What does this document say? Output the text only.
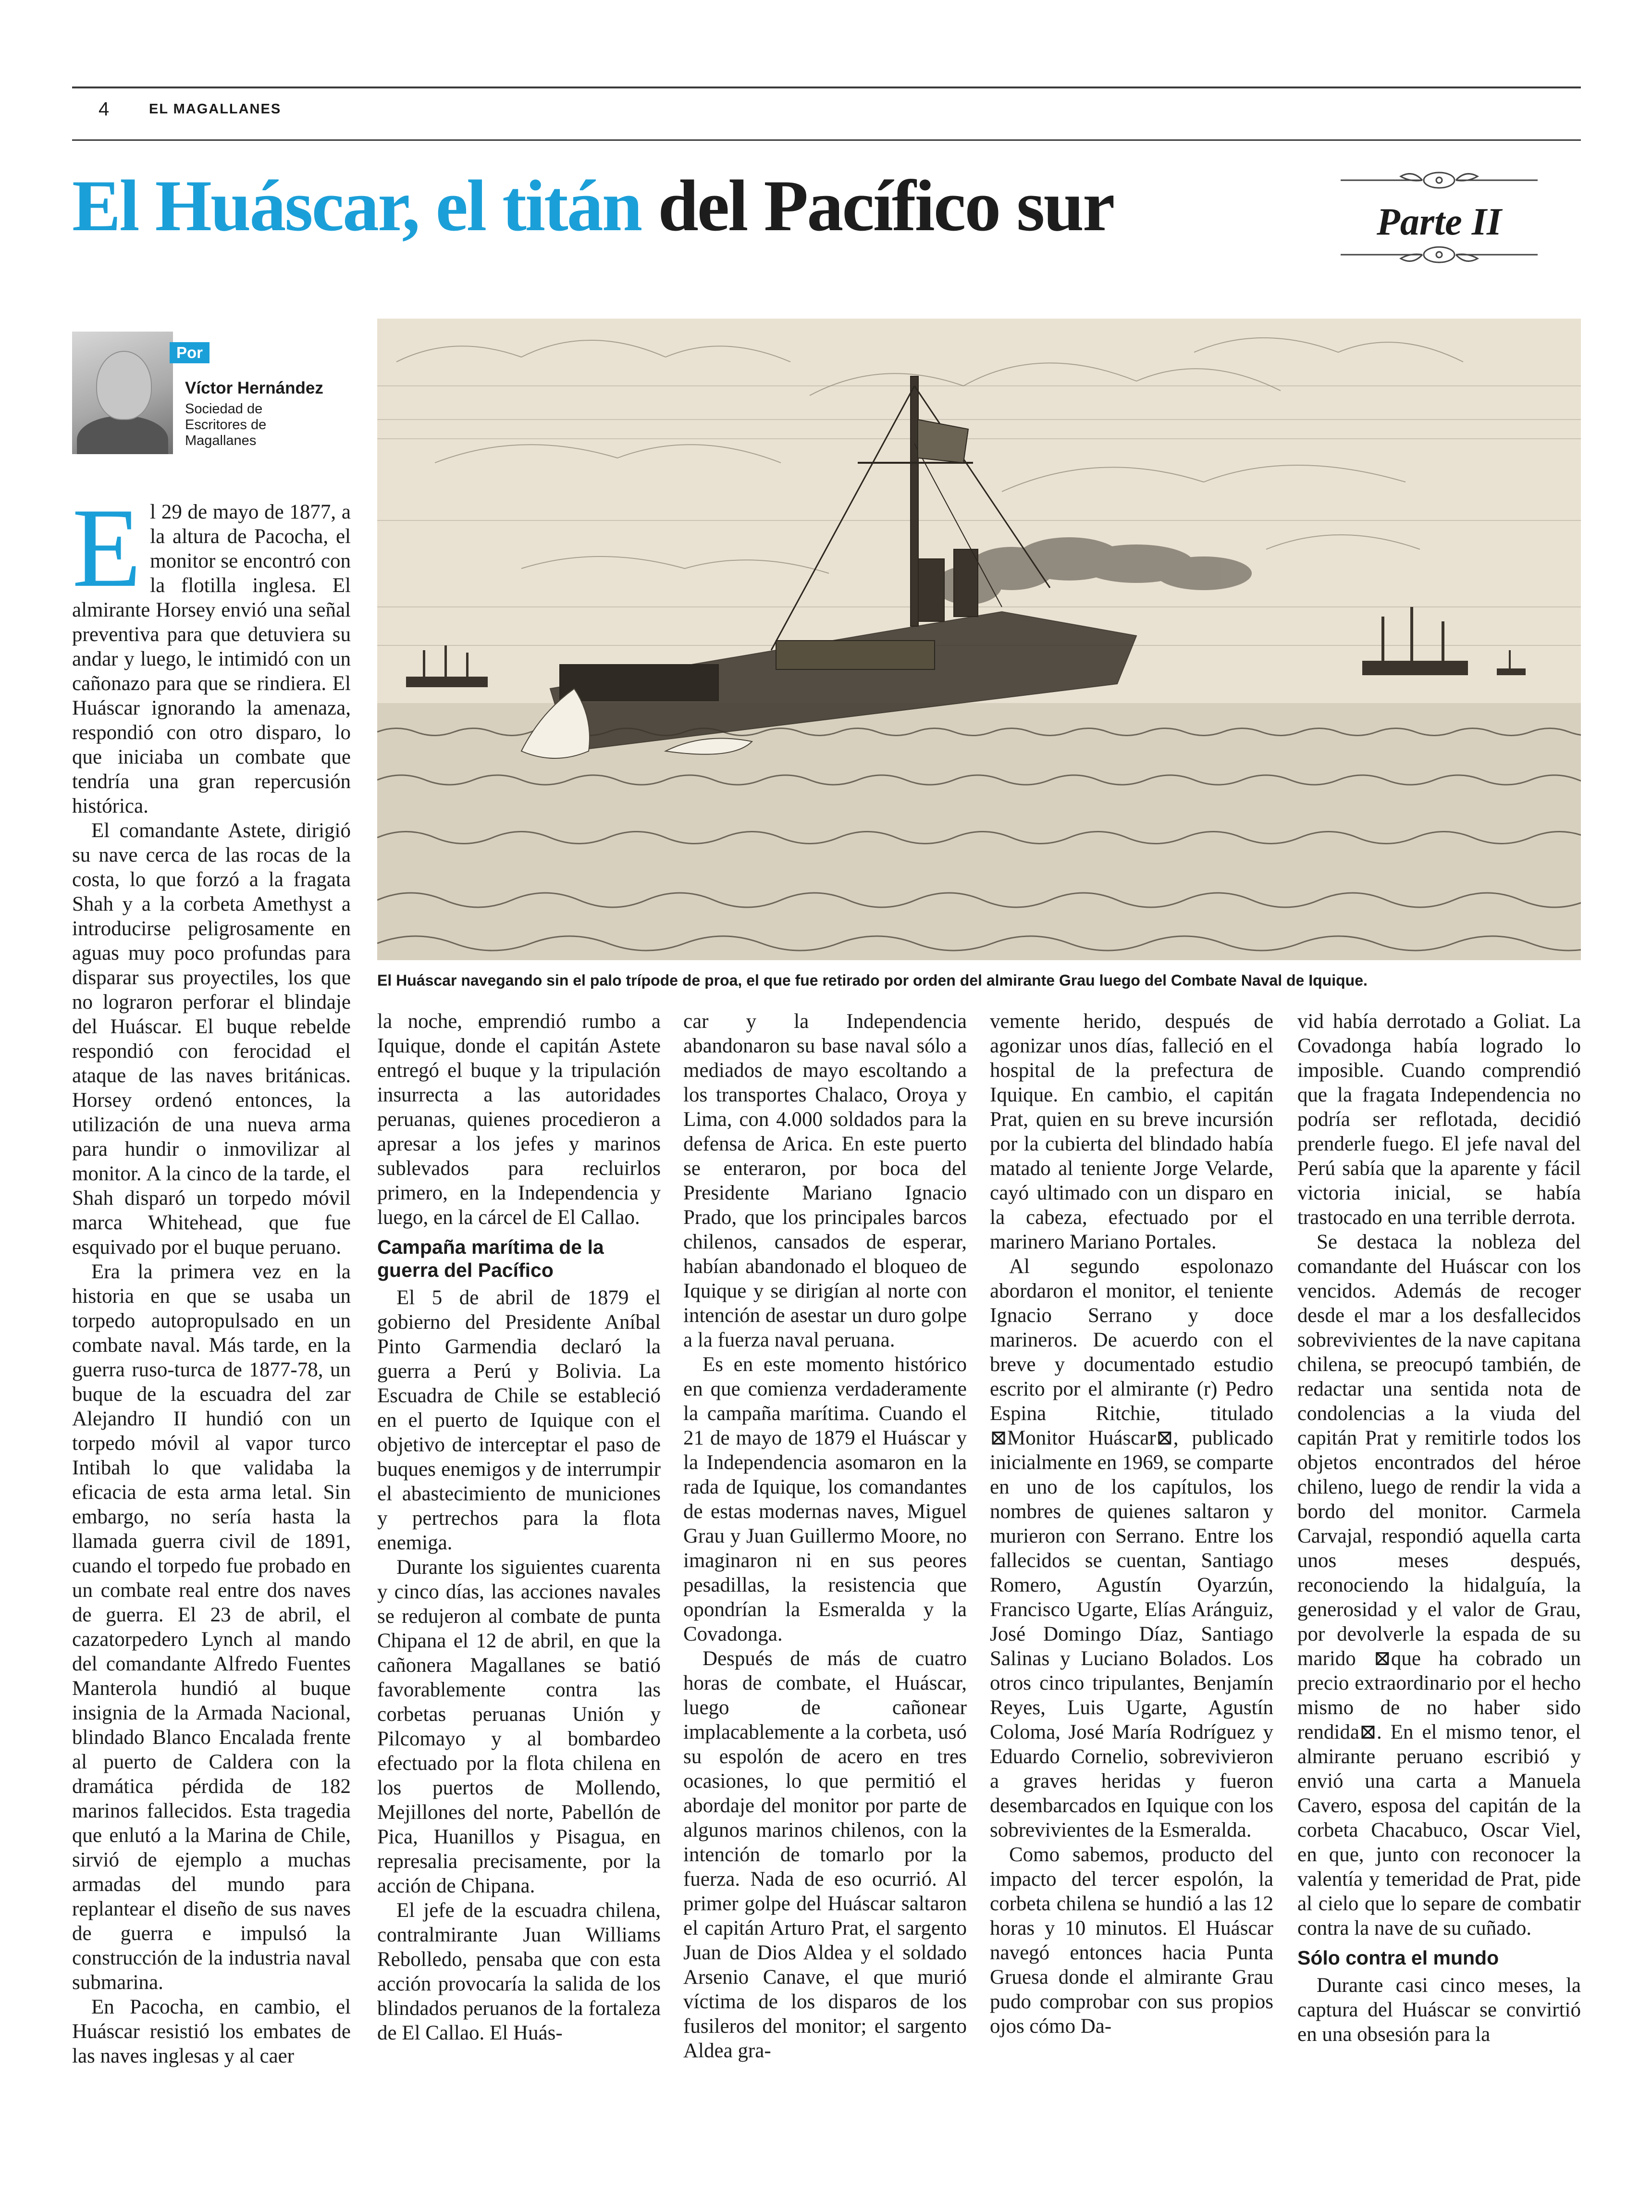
4	EL MAGALLANES
El Huáscar, el titán del Pacífico sur	Parte II
Por
Víctor Hernández
Sociedad de Escritores de Magallanes
El Huáscar navegando sin el palo trípode de proa, el que fue retirado por orden del almirante Grau luego del Combate Naval de Iquique.

El 29 de mayo de 1877, a la altura de Pacocha, el monitor se encontró con la flotilla inglesa. El almirante Horsey envió una señal preventiva para que detuviera su andar y luego, le intimidó con un cañonazo para que se rindiera. El Huáscar ignorando la amenaza, respondió con otro disparo, lo que iniciaba un combate que tendría una gran repercusión histórica.

El comandante Astete, dirigió su nave cerca de las rocas de la costa, lo que forzó a la fragata Shah y a la corbeta Amethyst a introducirse peligrosamente en aguas muy poco profundas para disparar sus proyectiles, los que no lograron perforar el blindaje del Huáscar. El buque rebelde respondió con ferocidad el ataque de las naves británicas. Horsey ordenó entonces, la utilización de una nueva arma para hundir o inmovilizar al monitor. A la cinco de la tarde, el Shah disparó un torpedo móvil marca Whitehead, que fue esquivado por el buque peruano.

Era la primera vez en la historia en que se usaba un torpedo autopropulsado en un combate naval. Más tarde, en la guerra ruso-turca de 1877-78, un buque de la escuadra del zar Alejandro II hundió con un torpedo móvil al vapor turco Intibah lo que validaba la eficacia de esta arma letal. Sin embargo, no sería hasta la llamada guerra civil de 1891, cuando el torpedo fue probado en un combate real entre dos naves de guerra. El 23 de abril, el cazatorpedero Lynch al mando del comandante Alfredo Fuentes Manterola hundió al buque insignia de la Armada Nacional, blindado Blanco Encalada frente al puerto de Caldera con la dramática pérdida de 182 marinos fallecidos. Esta tragedia que enlutó a la Marina de Chile, sirvió de ejemplo a muchas armadas del mundo para replantear el diseño de sus naves de guerra e impulsó la construcción de la industria naval submarina.

En Pacocha, en cambio, el Huáscar resistió los embates de las naves inglesas y al caer

la noche, emprendió rumbo a Iquique, donde el capitán Astete entregó el buque y la tripulación insurrecta a las autoridades peruanas, quienes procedieron a apresar a los jefes y marinos sublevados para recluirlos primero, en la Independencia y luego, en la cárcel de El Callao.

Campaña marítima de la guerra del Pacífico

El 5 de abril de 1879 el gobierno del Presidente Aníbal Pinto Garmendia declaró la guerra a Perú y Bolivia. La Escuadra de Chile se estableció en el puerto de Iquique con el objetivo de interceptar el paso de buques enemigos y de interrumpir el abastecimiento de municiones y pertrechos para la flota enemiga.

Durante los siguientes cuarenta y cinco días, las acciones navales se redujeron al combate de punta Chipana el 12 de abril, en que la cañonera Magallanes se batió favorablemente contra las corbetas peruanas Unión y Pilcomayo y al bombardeo efectuado por la flota chilena en los puertos de Mollendo, Mejillones del norte, Pabellón de Pica, Huanillos y Pisagua, en represalia precisamente, por la acción de Chipana.

El jefe de la escuadra chilena, contralmirante Juan Williams Rebolledo, pensaba que con esta acción provocaría la salida de los blindados peruanos de la fortaleza de El Callao. El Huás-

car y la Independencia abandonaron su base naval sólo a mediados de mayo escoltando a los transportes Chalaco, Oroya y Lima, con 4.000 soldados para la defensa de Arica. En este puerto se enteraron, por boca del Presidente Mariano Ignacio Prado, que los principales barcos chilenos, cansados de esperar, habían abandonado el bloqueo de Iquique y se dirigían al norte con intención de asestar un duro golpe a la fuerza naval peruana.

Es en este momento histórico en que comienza verdaderamente la campaña marítima. Cuando el 21 de mayo de 1879 el Huáscar y la Independencia asomaron en la rada de Iquique, los comandantes de estas modernas naves, Miguel Grau y Juan Guillermo Moore, no imaginaron ni en sus peores pesadillas, la resistencia que opondrían la Esmeralda y la Covadonga.

Después de más de cuatro horas de combate, el Huáscar, luego de cañonear implacablemente a la corbeta, usó su espolón de acero en tres ocasiones, lo que permitió el abordaje del monitor por parte de algunos marinos chilenos, con la intención de tomarlo por la fuerza. Nada de eso ocurrió. Al primer golpe del Huáscar saltaron el capitán Arturo Prat, el sargento Juan de Dios Aldea y el soldado Arsenio Canave, el que murió víctima de los disparos de los fusileros del monitor; el sargento Aldea gra-

vemente herido, después de agonizar unos días, falleció en el hospital de la prefectura de Iquique. En cambio, el capitán Prat, quien en su breve incursión por la cubierta del blindado había matado al teniente Jorge Velarde, cayó ultimado con un disparo en la cabeza, efectuado por el marinero Mariano Portales.

Al segundo espolonazo abordaron el monitor, el teniente Ignacio Serrano y doce marineros. De acuerdo con el breve y documentado estudio escrito por el almirante (r) Pedro Espina Ritchie, titulado ⊠Monitor Huáscar⊠, publicado inicialmente en 1969, se comparte en uno de los capítulos, los nombres de quienes saltaron y murieron con Serrano. Entre los fallecidos se cuentan, Santiago Romero, Agustín Oyarzún, Francisco Ugarte, Elías Aránguiz, José Domingo Díaz, Santiago Salinas y Luciano Bolados. Los otros cinco tripulantes, Benjamín Reyes, Luis Ugarte, Agustín Coloma, José María Rodríguez y Eduardo Cornelio, sobrevivieron a graves heridas y fueron desembarcados en Iquique con los sobrevivientes de la Esmeralda.

Como sabemos, producto del impacto del tercer espolón, la corbeta chilena se hundió a las 12 horas y 10 minutos. El Huáscar navegó entonces hacia Punta Gruesa donde el almirante Grau pudo comprobar con sus propios ojos cómo Da-

vid había derrotado a Goliat. La Covadonga había logrado lo imposible. Cuando comprendió que la fragata Independencia no podría ser reflotada, decidió prenderle fuego. El jefe naval del Perú sabía que la aparente y fácil victoria inicial, se había trastocado en una terrible derrota.

Se destaca la nobleza del comandante del Huáscar con los vencidos. Además de recoger desde el mar a los desfallecidos sobrevivientes de la nave capitana chilena, se preocupó también, de redactar una sentida nota de condolencias a la viuda del capitán Prat y remitirle todos los objetos encontrados del héroe chileno, luego de rendir la vida a bordo del monitor. Carmela Carvajal, respondió aquella carta unos meses después, reconociendo la hidalguía, la generosidad y el valor de Grau, por devolverle la espada de su marido ⊠que ha cobrado un precio extraordinario por el hecho mismo de no haber sido rendida⊠. En el mismo tenor, el almirante peruano escribió y envió una carta a Manuela Cavero, esposa del capitán de la corbeta Chacabuco, Oscar Viel, en que, junto con reconocer la valentía y temeridad de Prat, pide al cielo que lo separe de combatir contra la nave de su cuñado.

Sólo contra el mundo

Durante casi cinco meses, la captura del Huáscar se convirtió en una obsesión para la
